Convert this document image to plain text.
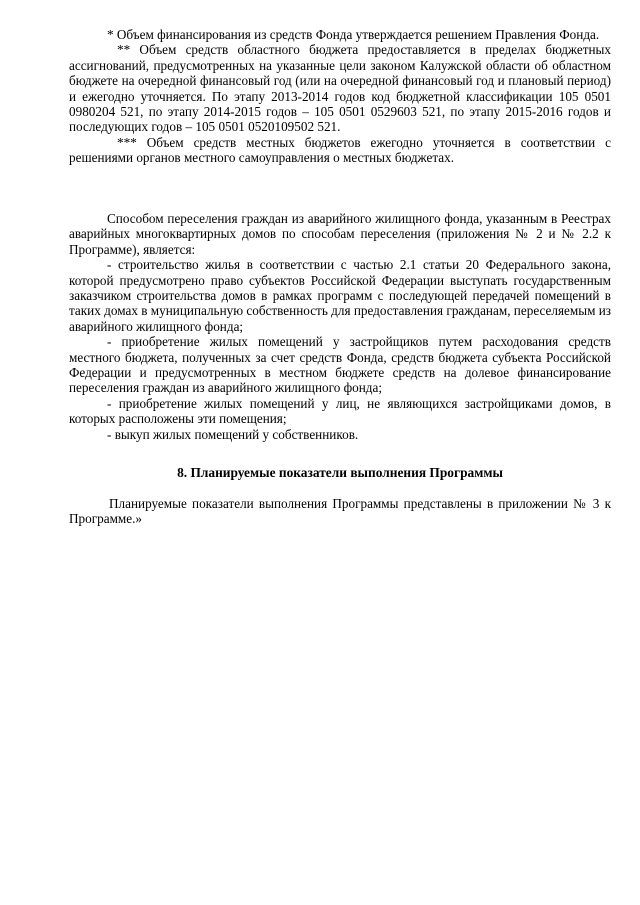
* Объем финансирования из средств Фонда утверждается решением Правления Фонда.

** Объем средств областного бюджета предоставляется в пределах бюджетных ассигнований, предусмотренных на указанные цели законом Калужской области об областном бюджете на очередной финансовый год (или на очередной финансовый год и плановый период) и ежегодно уточняется. По этапу 2013-2014 годов код бюджетной классификации 105 0501 0980204 521, по этапу 2014-2015 годов – 105 0501 0529603 521, по этапу 2015-2016 годов и последующих годов – 105 0501 0520109502 521.

*** Объем средств местных бюджетов ежегодно уточняется в соответствии с решениями органов местного самоуправления о местных бюджетах.

Способом переселения граждан из аварийного жилищного фонда, указанным в Реестрах аварийных многоквартирных домов по способам переселения (приложения № 2 и № 2.2 к Программе), является:

- строительство жилья в соответствии с частью 2.1 статьи 20 Федерального закона, которой предусмотрено право субъектов Российской Федерации выступать государственным заказчиком строительства домов в рамках программ с последующей передачей помещений в таких домах в муниципальную собственность для предоставления гражданам, переселяемым из аварийного жилищного фонда;

- приобретение жилых помещений у застройщиков путем расходования средств местного бюджета, полученных за счет средств Фонда, средств бюджета субъекта Российской Федерации и предусмотренных в местном бюджете средств на долевое финансирование переселения граждан из аварийного жилищного фонда;

- приобретение жилых помещений у лиц, не являющихся застройщиками домов, в которых расположены эти помещения;

- выкуп жилых помещений у собственников.

8. Планируемые показатели выполнения Программы

Планируемые показатели выполнения Программы представлены в приложении № 3 к Программе.»
